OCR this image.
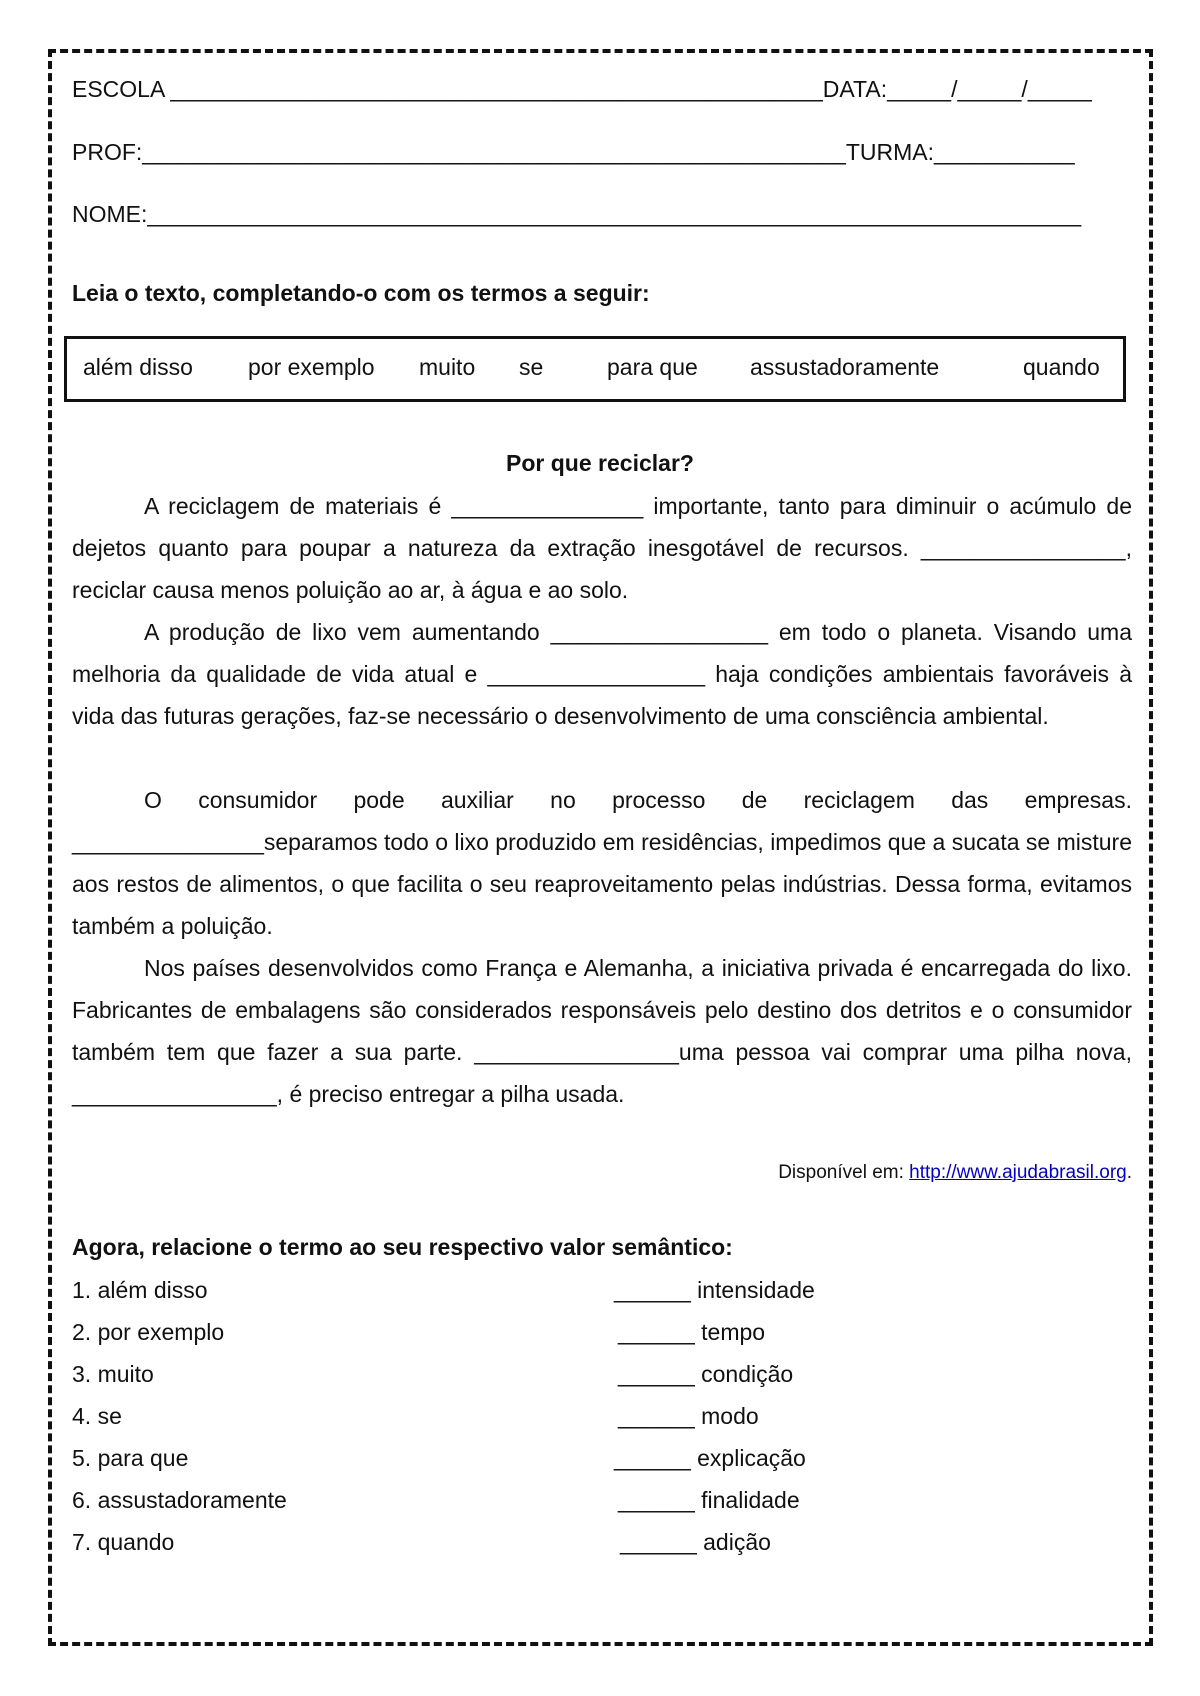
ESCOLA ___________________________________________________DATA:_____/_____/_____
PROF:_______________________________________________________TURMA:___________
NOME:_________________________________________________________________________
Leia o texto, completando-o com os termos a seguir:
além disso por exemplo muito se	para que assustadoramente	quando
Por que reciclar?

A reciclagem de materiais é _______________ importante, tanto para diminuir o acúmulo de dejetos quanto para poupar a natureza da extração inesgotável de recursos. ________________, reciclar causa menos poluição ao ar, à água e ao solo.

A produção de lixo vem aumentando _________________ em todo o planeta. Visando uma melhoria da qualidade de vida atual e _________________ haja condições ambientais favoráveis à vida das futuras gerações, faz-se necessário o desenvolvimento de uma consciência ambiental.

O consumidor pode auxiliar no processo de reciclagem das empresas. _______________separamos todo o lixo produzido em residências, impedimos que a sucata se misture aos restos de alimentos, o que facilita o seu reaproveitamento pelas indústrias. Dessa forma, evitamos também a poluição.

Nos países desenvolvidos como França e Alemanha, a iniciativa privada é encarregada do lixo. Fabricantes de embalagens são considerados responsáveis pelo destino dos detritos e o consumidor também tem que fazer a sua parte. ________________uma pessoa vai comprar uma pilha nova, ________________, é preciso entregar a pilha usada.

Disponível em: http://www.ajudabrasil.org.
Agora, relacione o termo ao seu respectivo valor semântico:
1. além disso
2. por exemplo
3. muito
4. se
5. para que
6. assustadoramente
7. quando
______ intensidade
______ tempo
______ condição
______ modo
______ explicação
______ finalidade
______ adição
